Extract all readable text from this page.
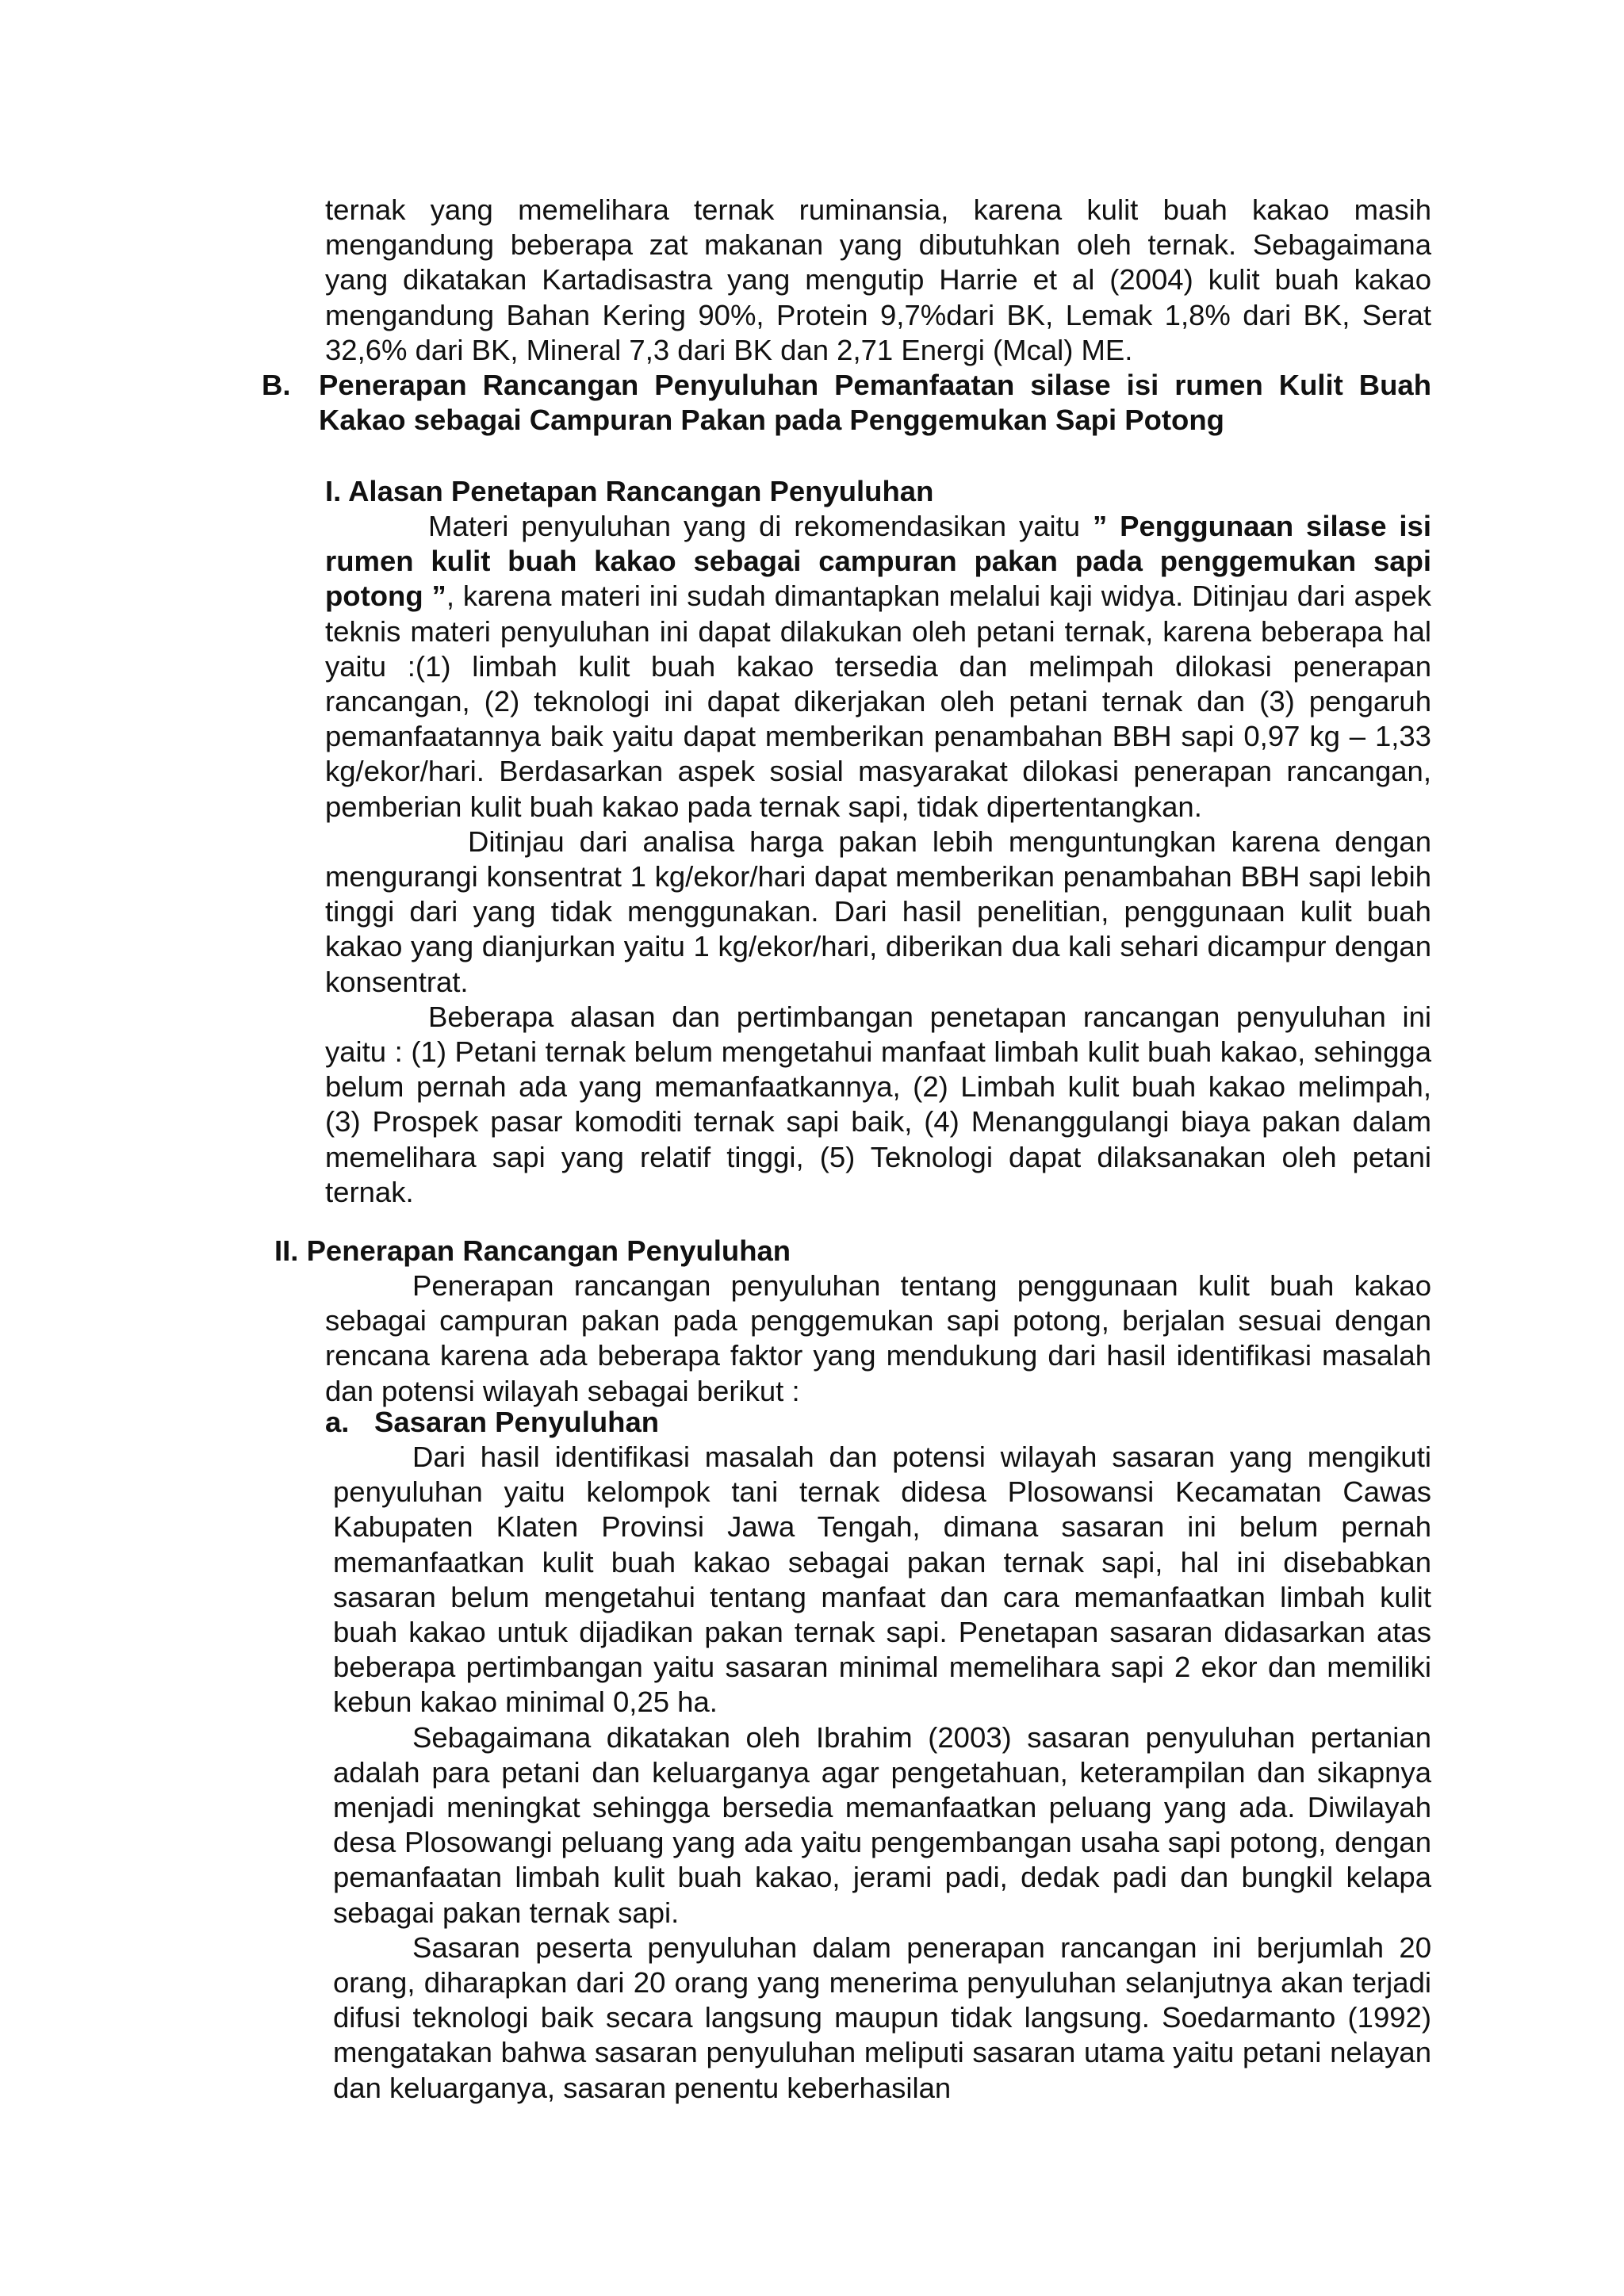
ternak yang memelihara ternak ruminansia, karena kulit buah kakao masih mengandung beberapa zat makanan yang dibutuhkan oleh ternak. Sebagaimana yang dikatakan Kartadisastra yang mengutip Harrie et al (2004) kulit buah kakao mengandung Bahan Kering 90%, Protein 9,7%dari BK, Lemak 1,8% dari BK, Serat 32,6% dari BK, Mineral 7,3 dari BK dan 2,71 Energi (Mcal) ME.

B. Penerapan Rancangan Penyuluhan Pemanfaatan silase isi rumen Kulit Buah Kakao sebagai Campuran Pakan pada Penggemukan Sapi Potong
I. Alasan Penetapan Rancangan Penyuluhan

Materi penyuluhan yang di rekomendasikan yaitu ” Penggunaan silase isi rumen kulit buah kakao sebagai campuran pakan pada penggemukan sapi potong ”, karena materi ini sudah dimantapkan melalui kaji widya. Ditinjau dari aspek teknis materi penyuluhan ini dapat dilakukan oleh petani ternak, karena beberapa hal yaitu :(1) limbah kulit buah kakao tersedia dan melimpah dilokasi penerapan rancangan, (2) teknologi ini dapat dikerjakan oleh petani ternak dan (3) pengaruh pemanfaatannya baik yaitu dapat memberikan penambahan BBH sapi 0,97 kg – 1,33 kg/ekor/hari. Berdasarkan aspek sosial masyarakat dilokasi penerapan rancangan, pemberian kulit buah kakao pada ternak sapi, tidak dipertentangkan.

Ditinjau dari analisa harga pakan lebih menguntungkan karena dengan mengurangi konsentrat 1 kg/ekor/hari dapat memberikan penambahan BBH sapi lebih tinggi dari yang tidak menggunakan. Dari hasil penelitian, penggunaan kulit buah kakao yang dianjurkan yaitu 1 kg/ekor/hari, diberikan dua kali sehari dicampur dengan konsentrat.

Beberapa alasan dan pertimbangan penetapan rancangan penyuluhan ini yaitu : (1) Petani ternak belum mengetahui manfaat limbah kulit buah kakao, sehingga belum pernah ada yang memanfaatkannya, (2) Limbah kulit buah kakao melimpah, (3) Prospek pasar komoditi ternak sapi baik, (4) Menanggulangi biaya pakan dalam memelihara sapi yang relatif tinggi, (5) Teknologi dapat dilaksanakan oleh petani ternak.

II. Penerapan Rancangan Penyuluhan

Penerapan rancangan penyuluhan tentang penggunaan kulit buah kakao sebagai campuran pakan pada penggemukan sapi potong, berjalan sesuai dengan rencana karena ada beberapa faktor yang mendukung dari hasil identifikasi masalah dan potensi wilayah sebagai berikut :

a. Sasaran Penyuluhan

Dari hasil identifikasi masalah dan potensi wilayah sasaran yang mengikuti penyuluhan yaitu kelompok tani ternak didesa Plosowansi Kecamatan Cawas Kabupaten Klaten Provinsi Jawa Tengah, dimana sasaran ini belum pernah memanfaatkan kulit buah kakao sebagai pakan ternak sapi, hal ini disebabkan sasaran belum mengetahui tentang manfaat dan cara memanfaatkan limbah kulit buah kakao untuk dijadikan pakan ternak sapi. Penetapan sasaran didasarkan atas beberapa pertimbangan yaitu sasaran minimal memelihara sapi 2 ekor dan memiliki kebun kakao minimal 0,25 ha.

Sebagaimana dikatakan oleh Ibrahim (2003) sasaran penyuluhan pertanian adalah para petani dan keluarganya agar pengetahuan, keterampilan dan sikapnya menjadi meningkat sehingga bersedia memanfaatkan peluang yang ada. Diwilayah desa Plosowangi peluang yang ada yaitu pengembangan usaha sapi potong, dengan pemanfaatan limbah kulit buah kakao, jerami padi, dedak padi dan bungkil kelapa sebagai pakan ternak sapi.

Sasaran peserta penyuluhan dalam penerapan rancangan ini berjumlah 20 orang, diharapkan dari 20 orang yang menerima penyuluhan selanjutnya akan terjadi difusi teknologi baik secara langsung maupun tidak langsung. Soedarmanto (1992) mengatakan bahwa sasaran penyuluhan meliputi sasaran utama yaitu petani nelayan dan keluarganya, sasaran penentu keberhasilan
